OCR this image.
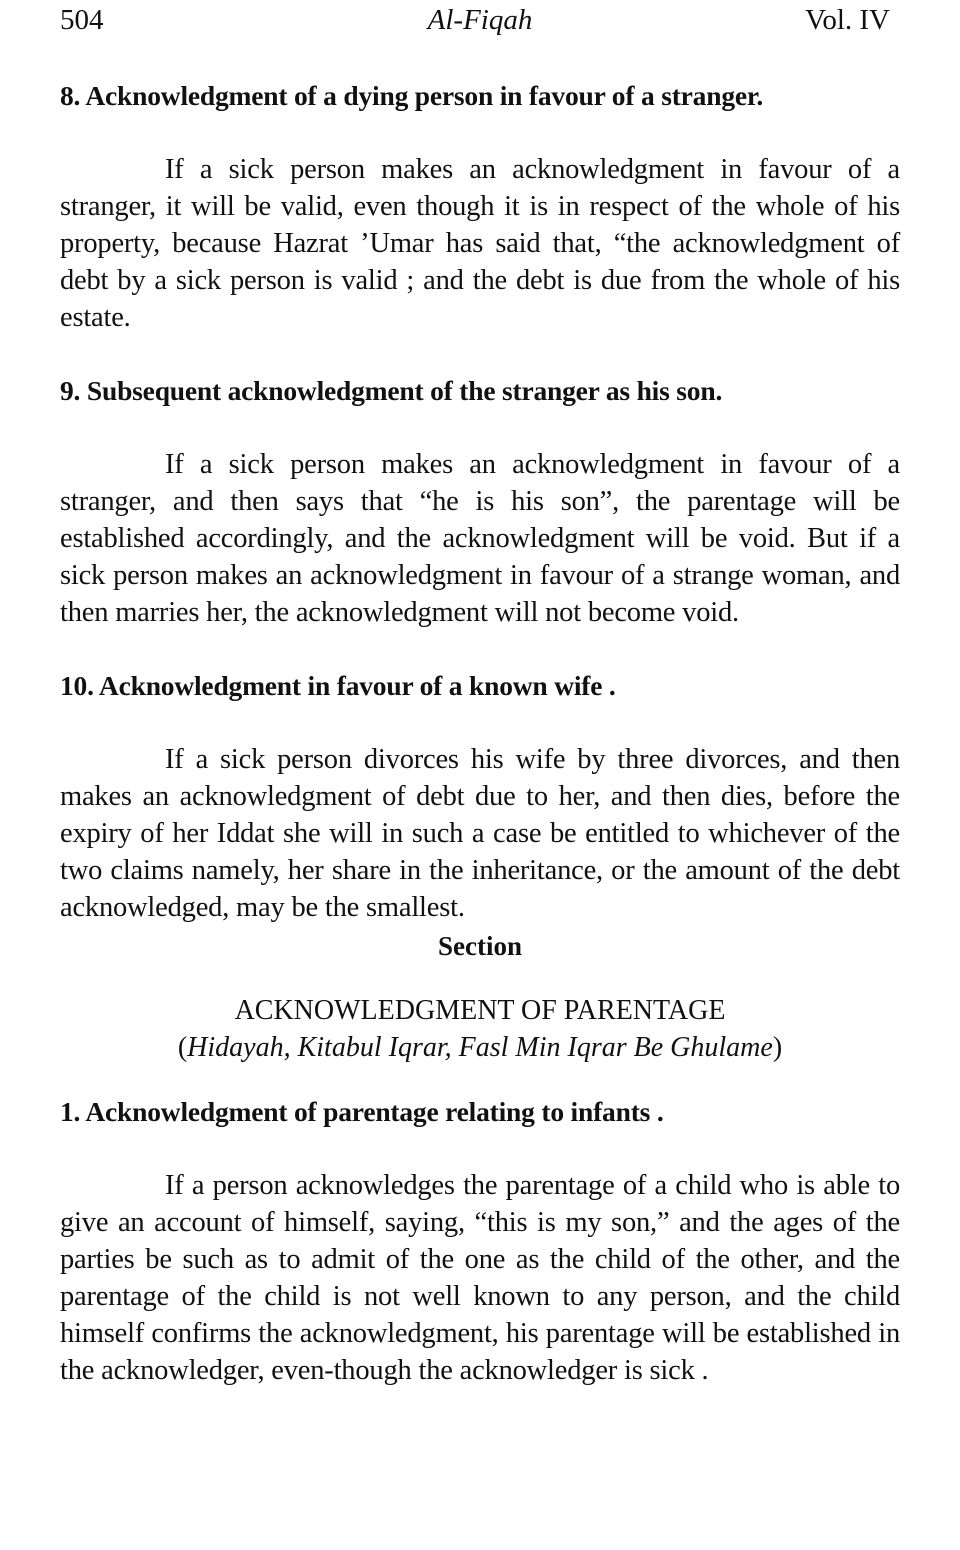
504	Al-Fiqah	Vol. IV
8. Acknowledgment of a dying person in favour of a stranger.

If a sick person makes an acknowledgment in favour of a stranger, it will be valid, even though it is in respect of the whole of his property, because Hazrat ’Umar has said that, “the acknowledgment of debt by a sick person is valid ; and the debt is due from the whole of his estate.

9. Subsequent acknowledgment of the stranger as his son.

If a sick person makes an acknowledgment in favour of a stranger, and then says that “he is his son”, the parentage will be established accordingly, and the acknowledgment will be void. But if a sick person makes an acknowledgment in favour of a strange woman, and then marries her, the acknowledgment will not become void.

10. Acknowledgment in favour of a known wife .

If a sick person divorces his wife by three divorces, and then makes an acknowledgment of debt due to her, and then dies, before the expiry of her Iddat she will in such a case be entitled to whichever of the two claims namely, her share in the inheritance, or the amount of the debt acknowledged, may be the smallest.

Section
ACKNOWLEDGMENT OF PARENTAGE
(Hidayah, Kitabul Iqrar, Fasl Min Iqrar Be Ghulame)
1. Acknowledgment of parentage relating to infants .

If a person acknowledges the parentage of a child who is able to give an account of himself, saying, “this is my son,” and the ages of the parties be such as to admit of the one as the child of the other, and the parentage of the child is not well known to any person, and the child himself confirms the acknowledgment, his parentage will be established in the acknowledger, even-though the acknowledger is sick .
